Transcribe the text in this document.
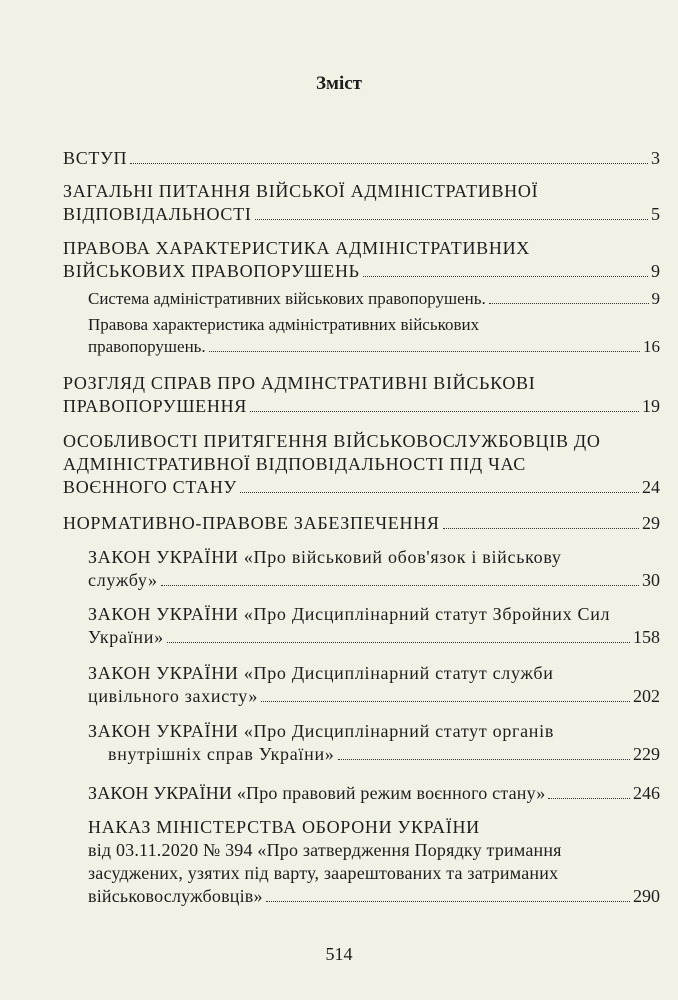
Зміст
ВСТУП	3
ЗАГАЛЬНІ ПИТАННЯ ВІЙСЬКОЇ АДМІНІСТРАТИВНОЇ
ВІДПОВІДАЛЬНОСТІ	5
ПРАВОВА ХАРАКТЕРИСТИКА АДМІНІСТРАТИВНИХ
ВІЙСЬКОВИХ ПРАВОПОРУШЕНЬ	9
Система адміністративних військових правопорушень.	9
Правова характеристика адміністративних військових
правопорушень.	16
РОЗГЛЯД СПРАВ ПРО АДМІНСТРАТИВНІ ВІЙСЬКОВІ
ПРАВОПОРУШЕННЯ	19
ОСОБЛИВОСТІ ПРИТЯГЕННЯ ВІЙСЬКОВОСЛУЖБОВЦІВ ДО
АДМІНІСТРАТИВНОЇ ВІДПОВІДАЛЬНОСТІ ПІД ЧАС
ВОЄННОГО СТАНУ	24
НОРМАТИВНО-ПРАВОВЕ ЗАБЕЗПЕЧЕННЯ	29
ЗАКОН УКРАЇНИ «Про військовий обов'язок і військову
службу»	30
ЗАКОН УКРАЇНИ «Про Дисциплінарний статут Збройних Сил
України»	158
ЗАКОН УКРАЇНИ «Про Дисциплінарний статут служби
цивільного захисту»	202
ЗАКОН УКРАЇНИ «Про Дисциплінарний статут органів
внутрішніх справ України»	229
ЗАКОН УКРАЇНИ «Про правовий режим воєнного стану»	246
НАКАЗ МІНІСТЕРСТВА ОБОРОНИ УКРАЇНИ
від 03.11.2020 № 394 «Про затвердження Порядку тримання
засуджених, узятих під варту, заарештованих та затриманих
військовослужбовців»	290
514
